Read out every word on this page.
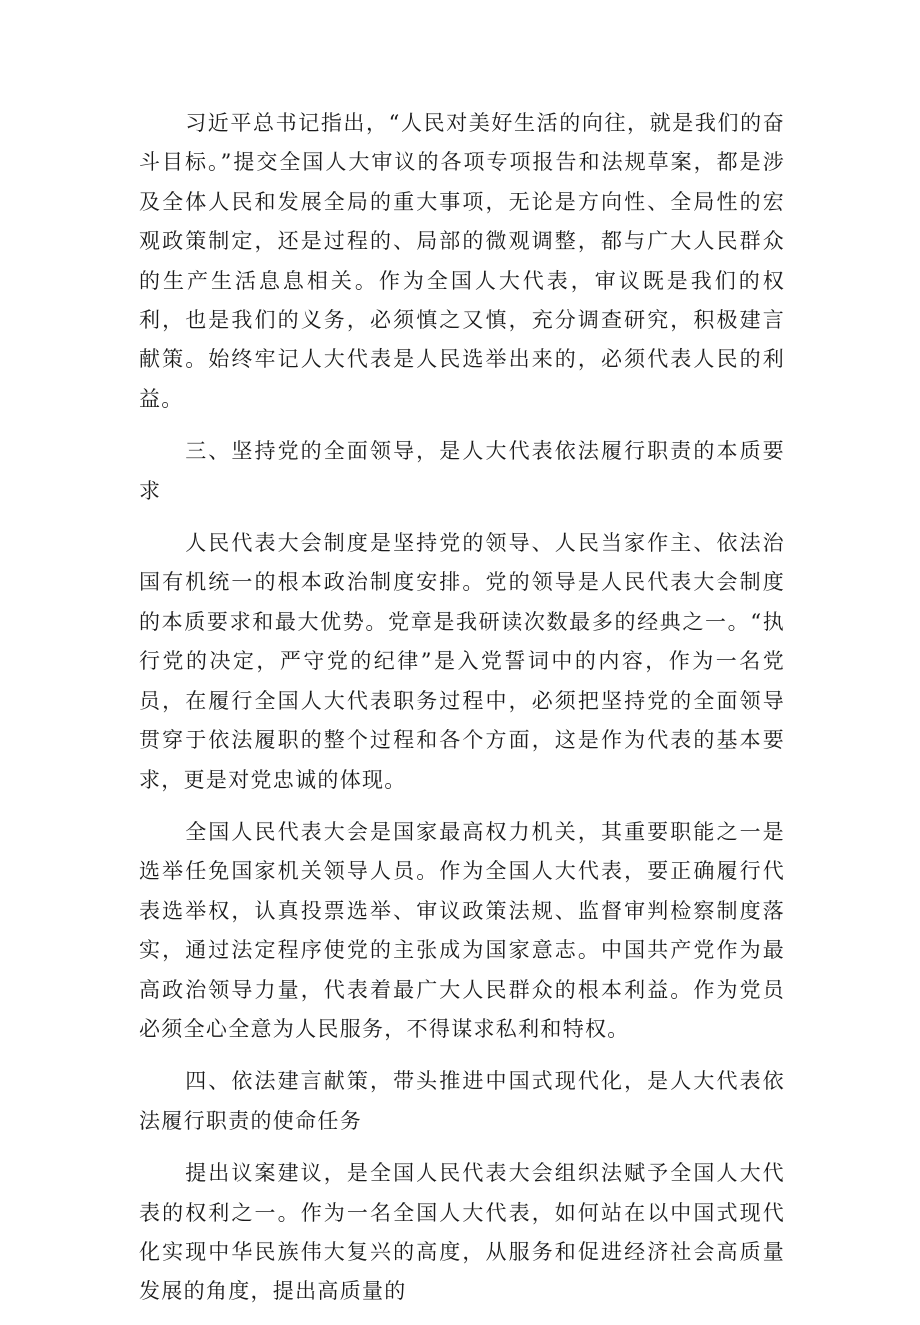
习近平总书记指出，“人民对美好生活的向往，就是我们的奋斗目标。”提交全国人大审议的各项专项报告和法规草案，都是涉及全体人民和发展全局的重大事项，无论是方向性、全局性的宏观政策制定，还是过程的、局部的微观调整，都与广大人民群众的生产生活息息相关。作为全国人大代表，审议既是我们的权利，也是我们的义务，必须慎之又慎，充分调查研究，积极建言献策。始终牢记人大代表是人民选举出来的，必须代表人民的利益。

三、坚持党的全面领导，是人大代表依法履行职责的本质要求

人民代表大会制度是坚持党的领导、人民当家作主、依法治国有机统一的根本政治制度安排。党的领导是人民代表大会制度的本质要求和最大优势。党章是我研读次数最多的经典之一。“执行党的决定，严守党的纪律”是入党誓词中的内容，作为一名党员，在履行全国人大代表职务过程中，必须把坚持党的全面领导贯穿于依法履职的整个过程和各个方面，这是作为代表的基本要求，更是对党忠诚的体现。

全国人民代表大会是国家最高权力机关，其重要职能之一是选举任免国家机关领导人员。作为全国人大代表，要正确履行代表选举权，认真投票选举、审议政策法规、监督审判检察制度落实，通过法定程序使党的主张成为国家意志。中国共产党作为最高政治领导力量，代表着最广大人民群众的根本利益。作为党员必须全心全意为人民服务，不得谋求私利和特权。

四、依法建言献策，带头推进中国式现代化，是人大代表依法履行职责的使命任务

提出议案建议，是全国人民代表大会组织法赋予全国人大代表的权利之一。作为一名全国人大代表，如何站在以中国式现代化实现中华民族伟大复兴的高度，从服务和促进经济社会高质量发展的角度，提出高质量的
